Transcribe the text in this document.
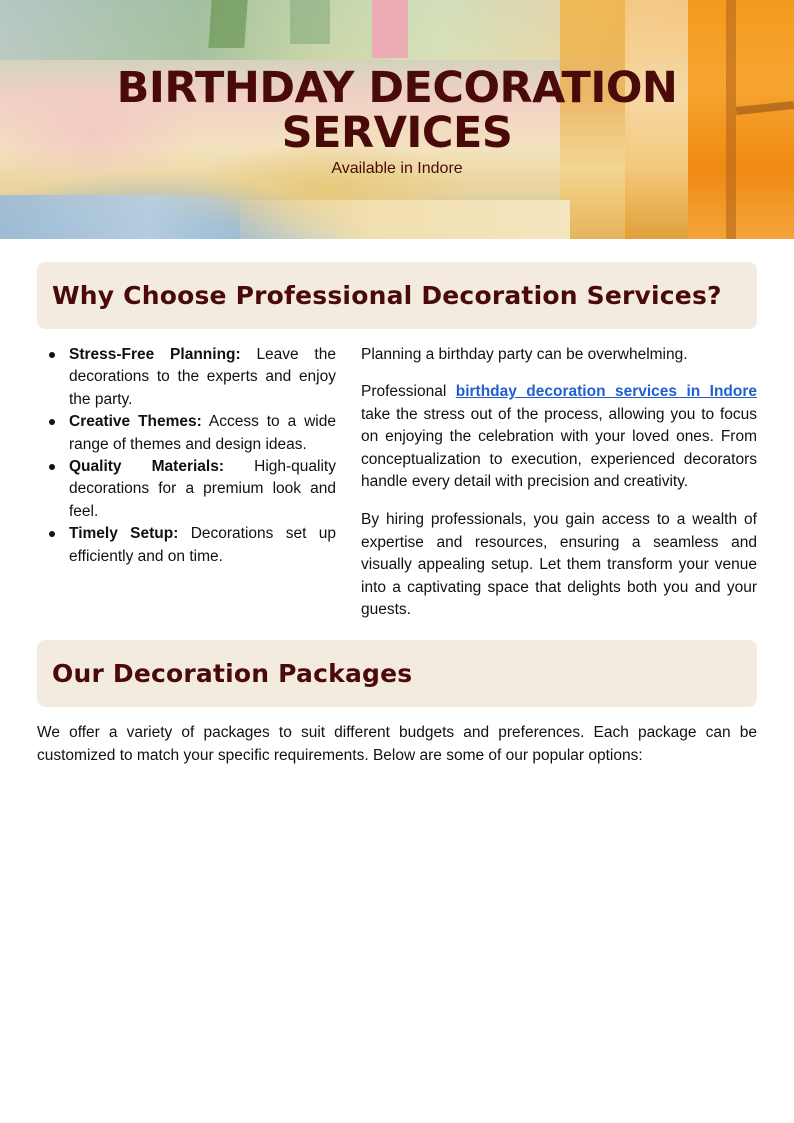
BIRTHDAY DECORATION SERVICES
Available in Indore
Why Choose Professional Decoration Services?
Stress-Free Planning: Leave the decorations to the experts and enjoy the party.
Creative Themes: Access to a wide range of themes and design ideas.
Quality Materials: High-quality decorations for a premium look and feel.
Timely Setup: Decorations set up efficiently and on time.

Planning a birthday party can be overwhelming.

Professional birthday decoration services in Indore take the stress out of the process, allowing you to focus on enjoying the celebration with your loved ones. From conceptualization to execution, experienced decorators handle every detail with precision and creativity.

By hiring professionals, you gain access to a wealth of expertise and resources, ensuring a seamless and visually appealing setup. Let them transform your venue into a captivating space that delights both you and your guests.

Our Decoration Packages

We offer a variety of packages to suit different budgets and preferences. Each package can be customized to match your specific requirements. Below are some of our popular options:
